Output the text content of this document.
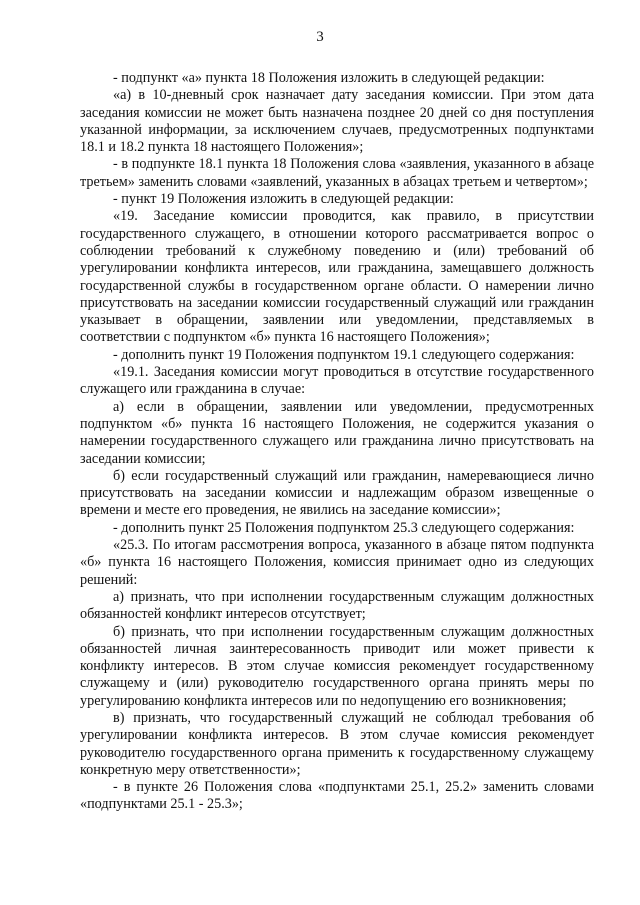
3

- подпункт «а» пункта 18 Положения изложить в следующей редакции:

«а) в 10-дневный срок назначает дату заседания комиссии. При этом дата заседания комиссии не может быть назначена позднее 20 дней со дня поступления указанной информации, за исключением случаев, предусмотренных подпунктами 18.1 и 18.2 пункта 18 настоящего Положения»;

- в подпункте 18.1 пункта 18 Положения слова «заявления, указанного в абзаце третьем» заменить словами «заявлений, указанных в абзацах третьем и четвертом»;

- пункт 19 Положения изложить в следующей редакции:

«19. Заседание комиссии проводится, как правило, в присутствии государственного служащего, в отношении которого рассматривается вопрос о соблюдении требований к служебному поведению и (или) требований об урегулировании конфликта интересов, или гражданина, замещавшего должность государственной службы в государственном органе области. О намерении лично присутствовать на заседании комиссии государственный служащий или гражданин указывает в обращении, заявлении или уведомлении, представляемых в соответствии с подпунктом «б» пункта 16 настоящего Положения»;

- дополнить пункт 19 Положения подпунктом 19.1 следующего содержания:

«19.1. Заседания комиссии могут проводиться в отсутствие государственного служащего или гражданина в случае:

а) если в обращении, заявлении или уведомлении, предусмотренных подпунктом «б» пункта 16 настоящего Положения, не содержится указания о намерении государственного служащего или гражданина лично присутствовать на заседании комиссии;

б) если государственный служащий или гражданин, намеревающиеся лично присутствовать на заседании комиссии и надлежащим образом извещенные о времени и месте его проведения, не явились на заседание комиссии»;

- дополнить пункт 25 Положения подпунктом 25.3 следующего содержания:

«25.3. По итогам рассмотрения вопроса, указанного в абзаце пятом подпункта «б» пункта 16 настоящего Положения, комиссия принимает одно из следующих решений:

а) признать, что при исполнении государственным служащим должностных обязанностей конфликт интересов отсутствует;

б) признать, что при исполнении государственным служащим должностных обязанностей личная заинтересованность приводит или может привести к конфликту интересов. В этом случае комиссия рекомендует государственному служащему и (или) руководителю государственного органа принять меры по урегулированию конфликта интересов или по недопущению его возникновения;

в) признать, что государственный служащий не соблюдал требования об урегулировании конфликта интересов. В этом случае комиссия рекомендует руководителю государственного органа применить к государственному служащему конкретную меру ответственности»;

- в пункте 26 Положения слова «подпунктами 25.1, 25.2» заменить словами «подпунктами 25.1 - 25.3»;
